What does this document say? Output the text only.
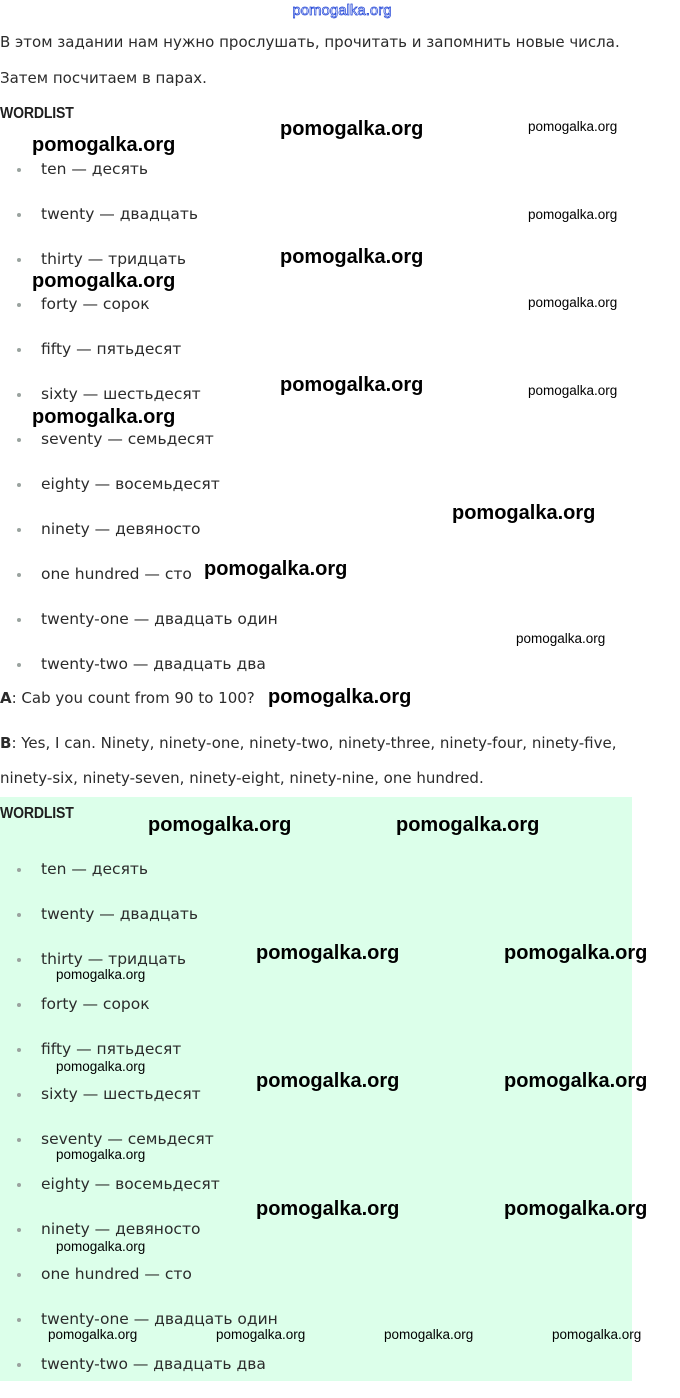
pomogalka.org
В этом задании нам нужно прослушать, прочитать и запомнить новые числа.
Затем посчитаем в парах.
WORDLIST
ten — десять
twenty — двадцать
thirty — тридцать
forty — сорок
fifty — пятьдесят
sixty — шестьдесят
seventy — семьдесят
eighty — восемьдесят
ninety — девяносто
one hundred — сто
twenty-one — двадцать один
twenty-two — двадцать два
A: Cab you count from 90 to 100?
B: Yes, I can. Ninety, ninety-one, ninety-two, ninety-three, ninety-four, ninety-five,
ninety-six, ninety-seven, ninety-eight, ninety-nine, one hundred.
WORDLIST
ten — десять
twenty — двадцать
thirty — тридцать
forty — сорок
fifty — пятьдесят
sixty — шестьдесят
seventy — семьдесят
eighty — восемьдесят
ninety — девяносто
one hundred — сто
twenty-one — двадцать один
twenty-two — двадцать два
pomogalka.org	pomogalka.org
pomogalka.org
pomogalka.org
pomogalka.org
pomogalka.org
pomogalka.org
pomogalka.org	pomogalka.org
pomogalka.org
pomogalka.org
pomogalka.org
pomogalka.org
pomogalka.org
pomogalka.org	pomogalka.org
pomogalka.org	pomogalka.org
pomogalka.org
pomogalka.org
pomogalka.org	pomogalka.org
pomogalka.org
pomogalka.org	pomogalka.org
pomogalka.org
pomogalka.org	pomogalka.org	pomogalka.org	pomogalka.org
